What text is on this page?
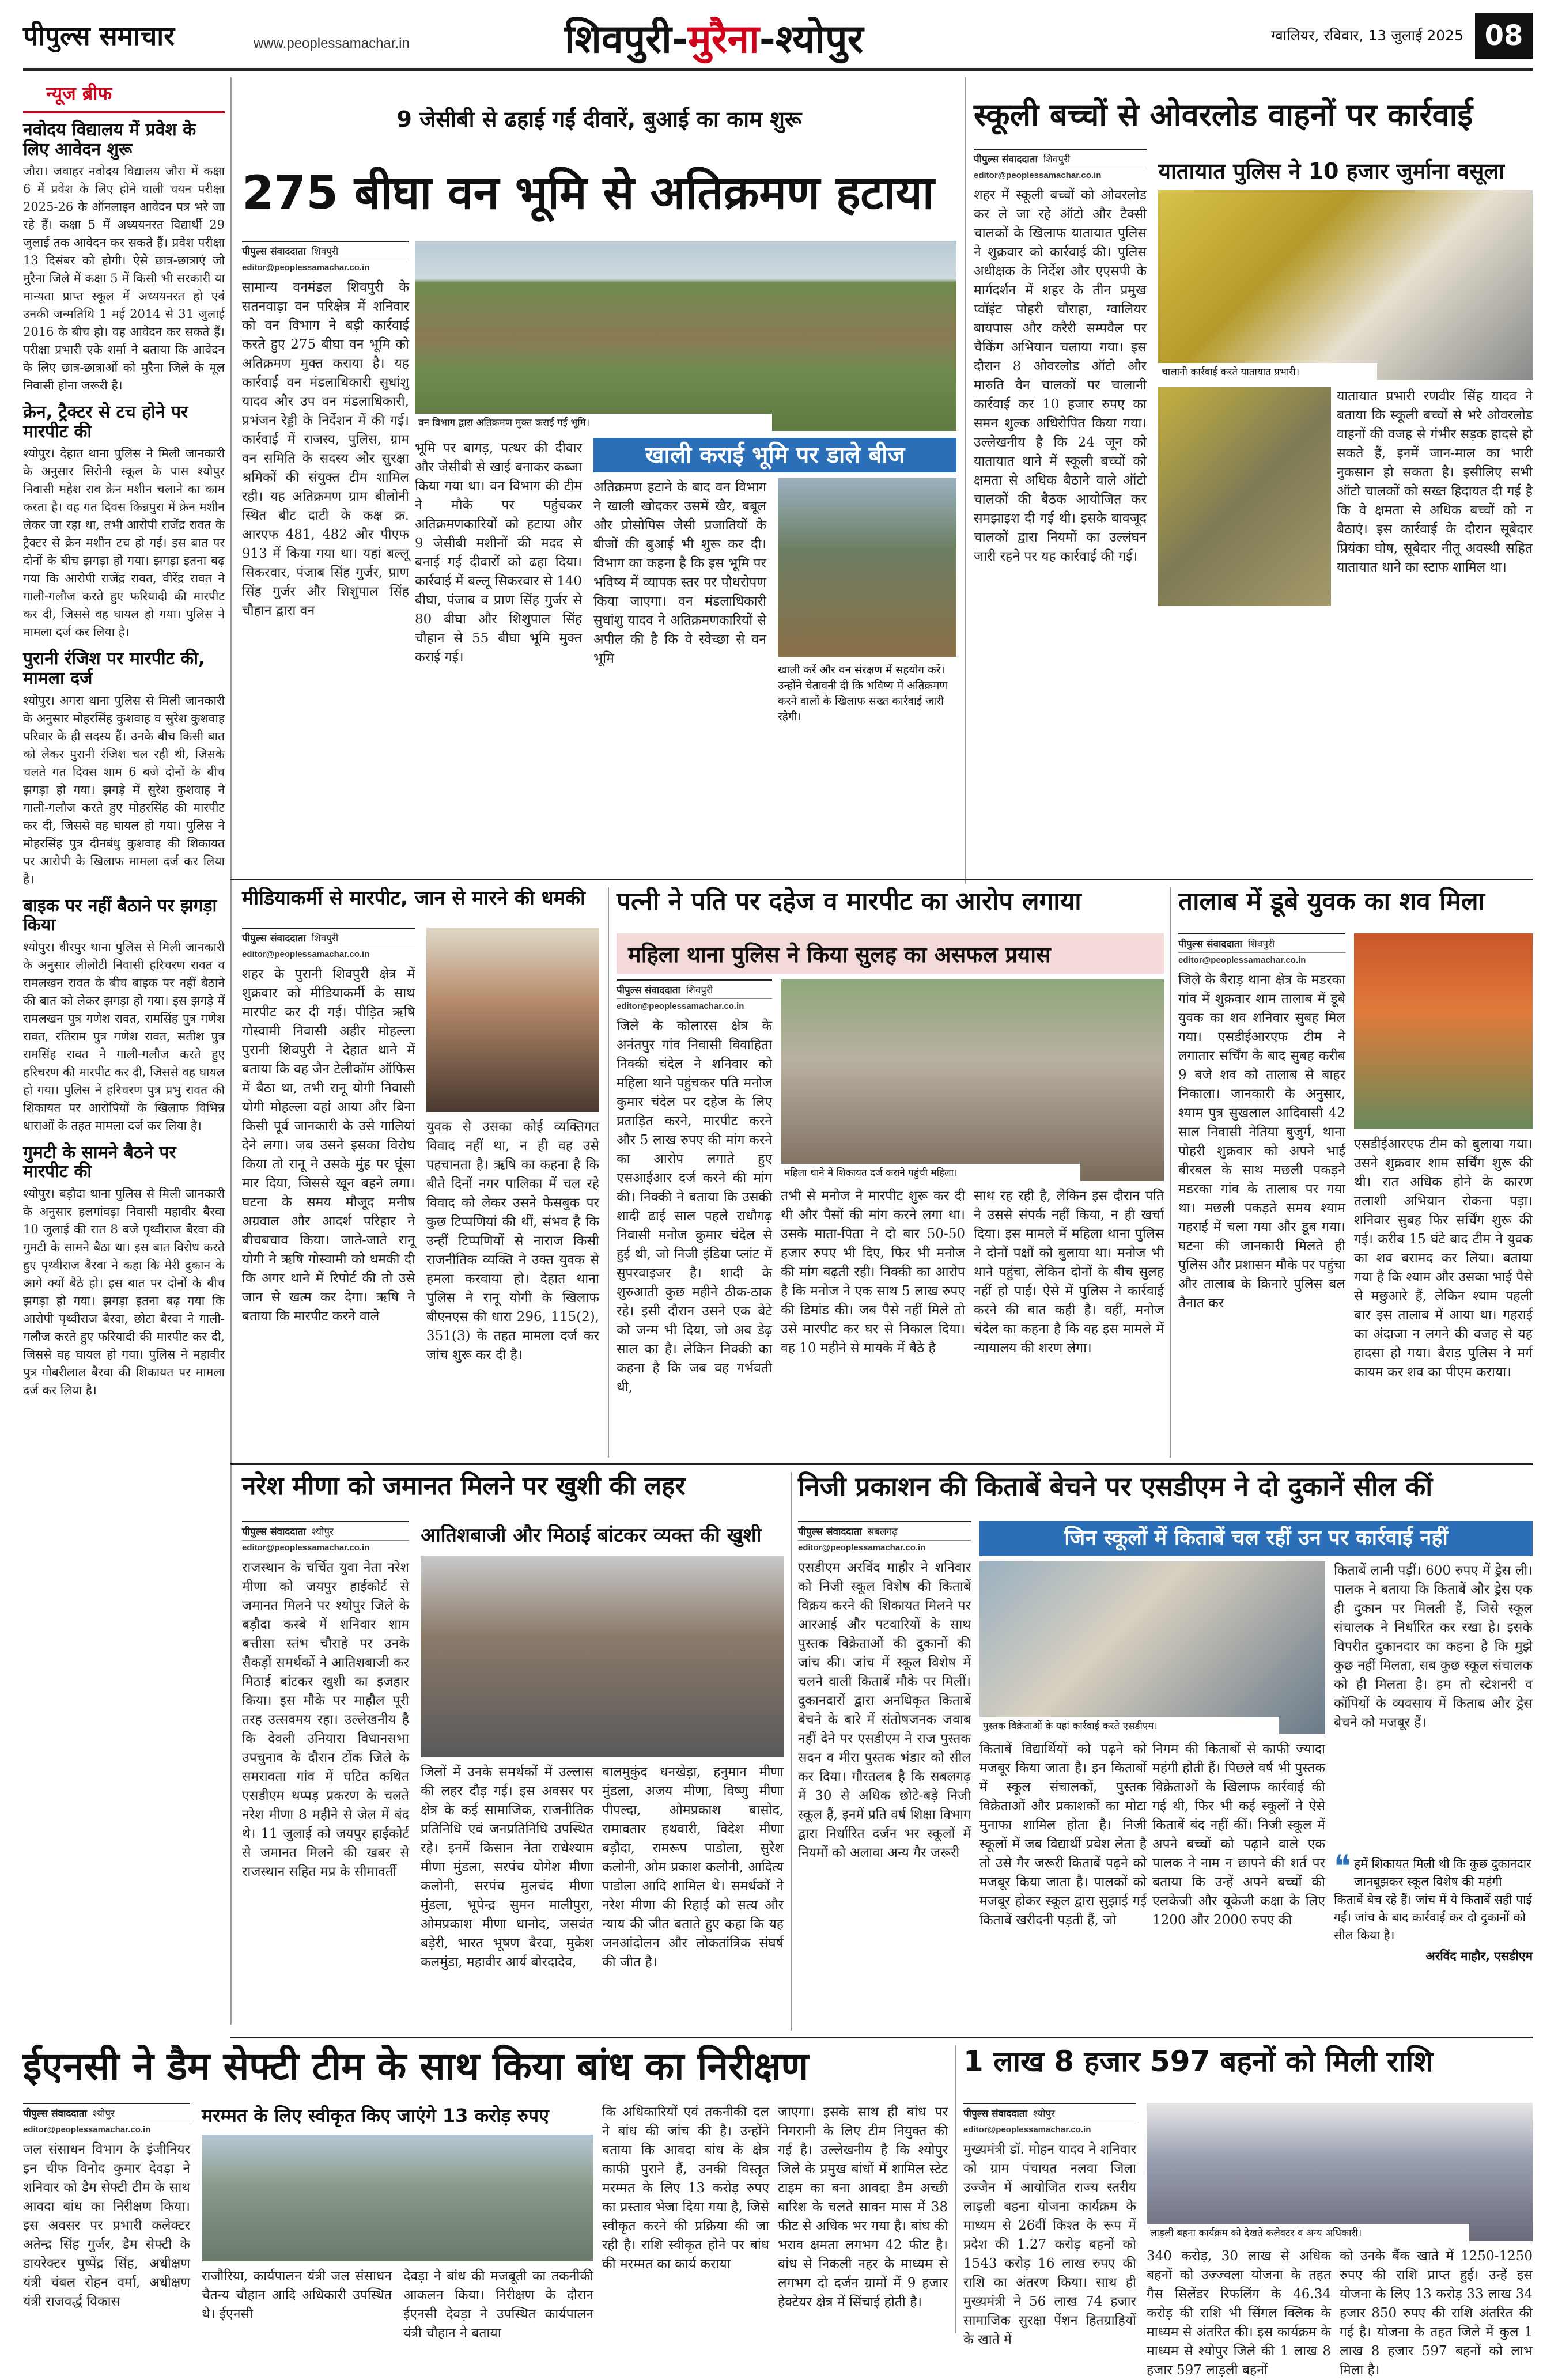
पीपुल्स समाचार	www.peoplessamachar.in	शिवपुरी-मुरैना-श्योपुर	ग्वालियर, रविवार, 13 जुलाई 2025 08
न्यूज ब्रीफ
नवोदय विद्यालय में प्रवेश के लिए आवेदन शुरू
जौरा। जवाहर नवोदय विद्यालय जौरा में कक्षा 6 में प्रवेश के लिए होने वाली चयन परीक्षा 2025-26 के ऑनलाइन आवेदन पत्र भरे जा रहे हैं। कक्षा 5 में अध्ययनरत विद्यार्थी 29 जुलाई तक आवेदन कर सकते हैं। प्रवेश परीक्षा 13 दिसंबर को होगी। ऐसे छात्र-छात्राएं जो मुरैना जिले में कक्षा 5 में किसी भी सरकारी या मान्यता प्राप्त स्कूल में अध्ययनरत हो एवं उनकी जन्मतिथि 1 मई 2014 से 31 जुलाई 2016 के बीच हो। वह आवेदन कर सकते हैं। परीक्षा प्रभारी एके शर्मा ने बताया कि आवेदन के लिए छात्र-छात्राओं को मुरैना जिले के मूल निवासी होना जरूरी है।
क्रेन, ट्रैक्टर से टच होने पर मारपीट की
श्योपुर। देहात थाना पुलिस ने मिली जानकारी के अनुसार सिरोनी स्कूल के पास श्योपुर निवासी महेश राव क्रेन मशीन चलाने का काम करता है। वह गत दिवस किन्नपुरा में क्रेन मशीन लेकर जा रहा था, तभी आरोपी राजेंद्र रावत के ट्रैक्टर से क्रेन मशीन टच हो गई। इस बात पर दोनों के बीच झगड़ा हो गया। झगड़ा इतना बढ़ गया कि आरोपी राजेंद्र रावत, वीरेंद्र रावत ने गाली-गलौज करते हुए फरियादी की मारपीट कर दी, जिससे वह घायल हो गया। पुलिस ने मामला दर्ज कर लिया है।
पुरानी रंजिश पर मारपीट की, मामला दर्ज
श्योपुर। अगरा थाना पुलिस से मिली जानकारी के अनुसार मोहरसिंह कुशवाह व सुरेश कुशवाह परिवार के ही सदस्य हैं। उनके बीच किसी बात को लेकर पुरानी रंजिश चल रही थी, जिसके चलते गत दिवस शाम 6 बजे दोनों के बीच झगड़ा हो गया। झगड़े में सुरेश कुशवाह ने गाली-गलौज करते हुए मोहरसिंह की मारपीट कर दी, जिससे वह घायल हो गया। पुलिस ने मोहरसिंह पुत्र दीनबंधु कुशवाह की शिकायत पर आरोपी के खिलाफ मामला दर्ज कर लिया है।
बाइक पर नहीं बैठाने पर झगड़ा किया
श्योपुर। वीरपुर थाना पुलिस से मिली जानकारी के अनुसार लीलोटी निवासी हरिचरण रावत व रामलखन रावत के बीच बाइक पर नहीं बैठाने की बात को लेकर झगड़ा हो गया। इस झगड़े में रामलखन पुत्र गणेश रावत, रामसिंह पुत्र गणेश रावत, रतिराम पुत्र गणेश रावत, सतीश पुत्र रामसिंह रावत ने गाली-गलौज करते हुए हरिचरण की मारपीट कर दी, जिससे वह घायल हो गया। पुलिस ने हरिचरण पुत्र प्रभु रावत की शिकायत पर आरोपियों के खिलाफ विभिन्न धाराओं के तहत मामला दर्ज कर लिया है।
गुमटी के सामने बैठने पर मारपीट की
श्योपुर। बड़ौदा थाना पुलिस से मिली जानकारी के अनुसार हलगांवड़ा निवासी महावीर बैरवा 10 जुलाई की रात 8 बजे पृथ्वीराज बैरवा की गुमटी के सामने बैठा था। इस बात विरोध करते हुए पृथ्वीराज बैरवा ने कहा कि मेरी दुकान के आगे क्यों बैठे हो। इस बात पर दोनों के बीच झगड़ा हो गया। झगड़ा इतना बढ़ गया कि आरोपी पृथ्वीराज बैरवा, छोटा बैरवा ने गाली-गलौज करते हुए फरियादी की मारपीट कर दी, जिससे वह घायल हो गया। पुलिस ने महावीर पुत्र गोबरीलाल बैरवा की शिकायत पर मामला दर्ज कर लिया है।
9 जेसीबी से ढहाई गईं दीवारें, बुआई का काम शुरू
275 बीघा वन भूमि से अतिक्रमण हटाया
पीपुल्स संवाददाता शिवपुरी
editor@peoplessamachar.co.in
सामान्य वनमंडल शिवपुरी के सतनवाड़ा वन परिक्षेत्र में शनिवार को वन विभाग ने बड़ी कार्रवाई करते हुए 275 बीघा वन भूमि को अतिक्रमण मुक्त कराया है। यह कार्रवाई वन मंडलाधिकारी सुधांशु यादव और उप वन मंडलाधिकारी, प्रभंजन रेड्डी के निर्देशन में की गई। कार्रवाई में राजस्व, पुलिस, ग्राम वन समिति के सदस्य और सुरक्षा श्रमिकों की संयुक्त टीम शामिल रही। यह अतिक्रमण ग्राम बीलोनी स्थित बीट दाटी के कक्ष क्र. आरएफ 481, 482 और पीएफ 913 में किया गया था। यहां बल्लू सिकरवार, पंजाब सिंह गुर्जर, प्राण सिंह गुर्जर और शिशुपाल सिंह चौहान द्वारा वन
वन विभाग द्वारा अतिक्रमण मुक्त कराई गई भूमि।
भूमि पर बागड़, पत्थर की दीवार और जेसीबी से खाई बनाकर कब्जा किया गया था। वन विभाग की टीम ने मौके पर पहुंचकर अतिक्रमणकारियों को हटाया और 9 जेसीबी मशीनों की मदद से बनाई गई दीवारों को ढहा दिया। कार्रवाई में बल्लू सिकरवार से 140 बीघा, पंजाब व प्राण सिंह गुर्जर से 80 बीघा और शिशुपाल सिंह चौहान से 55 बीघा भूमि मुक्त कराई गई।
खाली कराई भूमि पर डाले बीज
अतिक्रमण हटाने के बाद वन विभाग ने खाली खोदकर उसमें खैर, बबूल और प्रोसोपिस जैसी प्रजातियों के बीजों की बुआई भी शुरू कर दी। विभाग का कहना है कि इस भूमि पर भविष्य में व्यापक स्तर पर पौधरोपण किया जाएगा। वन मंडलाधिकारी सुधांशु यादव ने अतिक्रमणकारियों से अपील की है कि वे स्वेच्छा से वन भूमि
खाली करें और वन संरक्षण में सहयोग करें। उन्होंने चेतावनी दी कि भविष्य में अतिक्रमण करने वालों के खिलाफ सख्त कार्रवाई जारी रहेगी।
स्कूली बच्चों से ओवरलोड वाहनों पर कार्रवाई
पीपुल्स संवाददाता शिवपुरी
editor@peoplessamachar.co.in
शहर में स्कूली बच्चों को ओवरलोड कर ले जा रहे ऑटो और टैक्सी चालकों के खिलाफ यातायात पुलिस ने शुक्रवार को कार्रवाई की। पुलिस अधीक्षक के निर्देश और एएसपी के मार्गदर्शन में शहर के तीन प्रमुख प्वॉइंट पोहरी चौराहा, ग्वालियर बायपास और करैरी सम्पवैल पर चैकिंग अभियान चलाया गया। इस दौरान 8 ओवरलोड ऑटो और मारुति वैन चालकों पर चालानी कार्रवाई कर 10 हजार रुपए का समन शुल्क अधिरोपित किया गया। उल्लेखनीय है कि 24 जून को यातायात थाने में स्कूली बच्चों को क्षमता से अधिक बैठाने वाले ऑटो चालकों की बैठक आयोजित कर समझाइश दी गई थी। इसके बावजूद चालकों द्वारा नियमों का उल्लंघन जारी रहने पर यह कार्रवाई की गई।
यातायात पुलिस ने 10 हजार जुर्माना वसूला
चालानी कार्रवाई करते यातायात प्रभारी।
यातायात प्रभारी रणवीर सिंह यादव ने बताया कि स्कूली बच्चों से भरे ओवरलोड वाहनों की वजह से गंभीर सड़क हादसे हो सकते हैं, इनमें जान-माल का भारी नुकसान हो सकता है। इसीलिए सभी ऑटो चालकों को सख्त हिदायत दी गई है कि वे क्षमता से अधिक बच्चों को न बैठाएं। इस कार्रवाई के दौरान सूबेदार प्रियंका घोष, सूबेदार नीतू अवस्थी सहित यातायात थाने का स्टाफ शामिल था।
मीडियाकर्मी से मारपीट, जान से मारने की धमकी
पीपुल्स संवाददाता शिवपुरी
editor@peoplessamachar.co.in
शहर के पुरानी शिवपुरी क्षेत्र में शुक्रवार को मीडियाकर्मी के साथ मारपीट कर दी गई। पीड़ित ऋषि गोस्वामी निवासी अहीर मोहल्ला पुरानी शिवपुरी ने देहात थाने में बताया कि वह जैन टेलीकॉम ऑफिस में बैठा था, तभी रानू योगी निवासी योगी मोहल्ला वहां आया और बिना किसी पूर्व जानकारी के उसे गालियां देने लगा। जब उसने इसका विरोध किया तो रानू ने उसके मुंह पर घूंसा मार दिया, जिससे खून बहने लगा। घटना के समय मौजूद मनीष अग्रवाल और आदर्श परिहार ने बीचबचाव किया। जाते-जाते रानू योगी ने ऋषि गोस्वामी को धमकी दी कि अगर थाने में रिपोर्ट की तो उसे जान से खत्म कर देगा। ऋषि ने बताया कि मारपीट करने वाले
युवक से उसका कोई व्यक्तिगत विवाद नहीं था, न ही वह उसे पहचानता है। ऋषि का कहना है कि बीते दिनों नगर पालिका में चल रहे विवाद को लेकर उसने फेसबुक पर कुछ टिप्पणियां की थीं, संभव है कि उन्हीं टिप्पणियों से नाराज किसी राजनीतिक व्यक्ति ने उक्त युवक से हमला करवाया हो। देहात थाना पुलिस ने रानू योगी के खिलाफ बीएनएस की धारा 296, 115(2), 351(3) के तहत मामला दर्ज कर जांच शुरू कर दी है।
पत्नी ने पति पर दहेज व मारपीट का आरोप लगाया
महिला थाना पुलिस ने किया सुलह का असफल प्रयास
पीपुल्स संवाददाता शिवपुरी
editor@peoplessamachar.co.in
जिले के कोलारस क्षेत्र के अनंतपुर गांव निवासी विवाहिता निक्की चंदेल ने शनिवार को महिला थाने पहुंचकर पति मनोज कुमार चंदेल पर दहेज के लिए प्रताड़ित करने, मारपीट करने और 5 लाख रुपए की मांग करने का आरोप लगाते हुए एसआईआर दर्ज करने की मांग की। निक्की ने बताया कि उसकी शादी ढाई साल पहले राधौगढ़ निवासी मनोज कुमार चंदेल से हुई थी, जो निजी इंडिया प्लांट में सुपरवाइजर है। शादी के शुरुआती कुछ महीने ठीक-ठाक रहे। इसी दौरान उसने एक बेटे को जन्म भी दिया, जो अब डेढ़ साल का है। लेकिन निक्की का कहना है कि जब वह गर्भवती थी,
महिला थाने में शिकायत दर्ज कराने पहुंची महिला।
तभी से मनोज ने मारपीट शुरू कर दी थी और पैसों की मांग करने लगा था। उसके माता-पिता ने दो बार 50-50 हजार रुपए भी दिए, फिर भी मनोज की मांग बढ़ती रही। निक्की का आरोप है कि मनोज ने एक साथ 5 लाख रुपए की डिमांड की। जब पैसे नहीं मिले तो उसे मारपीट कर घर से निकाल दिया। वह 10 महीने से मायके में बैठे है
साथ रह रही है, लेकिन इस दौरान पति ने उससे संपर्क नहीं किया, न ही खर्चा दिया। इस मामले में महिला थाना पुलिस ने दोनों पक्षों को बुलाया था। मनोज भी थाने पहुंचा, लेकिन दोनों के बीच सुलह नहीं हो पाई। ऐसे में पुलिस ने कार्रवाई करने की बात कही है। वहीं, मनोज चंदेल का कहना है कि वह इस मामले में न्यायालय की शरण लेगा।
तालाब में डूबे युवक का शव मिला
पीपुल्स संवाददाता शिवपुरी
editor@peoplessamachar.co.in
जिले के बैराड़ थाना क्षेत्र के मडरका गांव में शुक्रवार शाम तालाब में डूबे युवक का शव शनिवार सुबह मिल गया। एसडीईआरएफ टीम ने लगातार सर्चिंग के बाद सुबह करीब 9 बजे शव को तालाब से बाहर निकाला। जानकारी के अनुसार, श्याम पुत्र सुखलाल आदिवासी 42 साल निवासी नेतिया बुजुर्ग, थाना पोहरी शुक्रवार को अपने भाई बीरबल के साथ मछली पकड़ने मडरका गांव के तालाब पर गया था। मछली पकड़ते समय श्याम गहराई में चला गया और डूब गया। घटना की जानकारी मिलते ही पुलिस और प्रशासन मौके पर पहुंचा और तालाब के किनारे पुलिस बल तैनात कर
एसडीईआरएफ टीम को बुलाया गया। उसने शुक्रवार शाम सर्चिंग शुरू की थी। रात अधिक होने के कारण तलाशी अभियान रोकना पड़ा। शनिवार सुबह फिर सर्चिंग शुरू की गई। करीब 15 घंटे बाद टीम ने युवक का शव बरामद कर लिया। बताया गया है कि श्याम और उसका भाई पैसे से मछुआरे हैं, लेकिन श्याम पहली बार इस तालाब में आया था। गहराई का अंदाजा न लगने की वजह से यह हादसा हो गया। बैराड़ पुलिस ने मर्ग कायम कर शव का पीएम कराया।
नरेश मीणा को जमानत मिलने पर खुशी की लहर
पीपुल्स संवाददाता श्योपुर
editor@peoplessamachar.co.in
राजस्थान के चर्चित युवा नेता नरेश मीणा को जयपुर हाईकोर्ट से जमानत मिलने पर श्योपुर जिले के बड़ौदा कस्बे में शनिवार शाम बत्तीसा स्तंभ चौराहे पर उनके सैकड़ों समर्थकों ने आतिशबाजी कर मिठाई बांटकर खुशी का इजहार किया। इस मौके पर माहौल पूरी तरह उत्सवमय रहा। उल्लेखनीय है कि देवली उनियारा विधानसभा उपचुनाव के दौरान टोंक जिले के समरावता गांव में घटित कथित एसडीएम थप्पड़ प्रकरण के चलते नरेश मीणा 8 महीने से जेल में बंद थे। 11 जुलाई को जयपुर हाईकोर्ट से जमानत मिलने की खबर से राजस्थान सहित मप्र के सीमावर्ती
आतिशबाजी और मिठाई बांटकर व्यक्त की खुशी
जिलों में उनके समर्थकों में उल्लास की लहर दौड़ गई। इस अवसर पर क्षेत्र के कई सामाजिक, राजनीतिक प्रतिनिधि एवं जनप्रतिनिधि उपस्थित रहे। इनमें किसान नेता राधेश्याम मीणा मुंडला, सरपंच योगेश मीणा कलोनी, सरपंच मुलचंद मीणा मुंडला, भूपेन्द्र सुमन मालीपुरा, ओमप्रकाश मीणा धानोद, जसवंत बड़ेरी, भारत भूषण बैरवा, मुकेश कलमुंडा, महावीर आर्य बोरदादेव,
बालमुकुंद धनखेड़ा, हनुमान मीणा मुंडला, अजय मीणा, विष्णु मीणा पीपल्दा, ओमप्रकाश बासोद, रामावतार हथवारी, विदेश मीणा बड़ौदा, रामरूप पाडोला, सुरेश कलोनी, ओम प्रकाश कलोनी, आदित्य पाडोला आदि शामिल थे। समर्थकों ने नरेश मीणा की रिहाई को सत्य और न्याय की जीत बताते हुए कहा कि यह जनआंदोलन और लोकतांत्रिक संघर्ष की जीत है।
निजी प्रकाशन की किताबें बेचने पर एसडीएम ने दो दुकानें सील कीं
पीपुल्स संवाददाता सबलगढ़
editor@peoplessamachar.co.in
एसडीएम अरविंद माहौर ने शनिवार को निजी स्कूल विशेष की किताबें विक्रय करने की शिकायत मिलने पर आरआई और पटवारियों के साथ पुस्तक विक्रेताओं की दुकानों की जांच की। जांच में स्कूल विशेष में चलने वाली किताबें मौके पर मिलीं। दुकानदारों द्वारा अनधिकृत किताबें बेचने के बारे में संतोषजनक जवाब नहीं देने पर एसडीएम ने राज पुस्तक सदन व मीरा पुस्तक भंडार को सील कर दिया। गौरतलब है कि सबलगढ़ में 30 से अधिक छोटे-बड़े निजी स्कूल हैं, इनमें प्रति वर्ष शिक्षा विभाग द्वारा निर्धारित दर्जन भर स्कूलों में नियमों को अलावा अन्य गैर जरूरी
जिन स्कूलों में किताबें चल रहीं उन पर कार्रवाई नहीं
पुस्तक विक्रेताओं के यहां कार्रवाई करते एसडीएम।
किताबें विद्यार्थियों को पढ़ने को मजबूर किया जाता है। इन किताबों में स्कूल संचालकों, पुस्तक विक्रेताओं और प्रकाशकों का मोटा मुनाफा शामिल होता है। निजी स्कूलों में जब विद्यार्थी प्रवेश लेता है तो उसे गैर जरूरी किताबें पढ़ने को मजबूर किया जाता है। पालकों को मजबूर होकर स्कूल द्वारा सुझाई गई किताबें खरीदनी पड़ती हैं, जो
निगम की किताबों से काफी ज्यादा महंगी होती हैं। पिछले वर्ष भी पुस्तक विक्रेताओं के खिलाफ कार्रवाई की गई थी, फिर भी कई स्कूलों ने ऐसे किताबें बंद नहीं कीं। निजी स्कूल में अपने बच्चों को पढ़ाने वाले एक पालक ने नाम न छापने की शर्त पर बताया कि उन्हें अपने बच्चों की एलकेजी और यूकेजी कक्षा के लिए 1200 और 2000 रुपए की
किताबें लानी पड़ीं। 600 रुपए में ड्रेस ली। पालक ने बताया कि किताबें और ड्रेस एक ही दुकान पर मिलती हैं, जिसे स्कूल संचालक ने निर्धारित कर रखा है। इसके विपरीत दुकानदार का कहना है कि मुझे कुछ नहीं मिलता, सब कुछ स्कूल संचालक को ही मिलता है। हम तो स्टेशनरी व कॉपियों के व्यवसाय में किताब और ड्रेस बेचने को मजबूर हैं।
❝ हमें शिकायत मिली थी कि कुछ दुकानदार जानबूझकर स्कूल विशेष की महंगी किताबें बेच रहे हैं। जांच में ये किताबें सही पाई गईं। जांच के बाद कार्रवाई कर दो दुकानों को सील किया है।
अरविंद माहौर, एसडीएम
ईएनसी ने डैम सेफ्टी टीम के साथ किया बांध का निरीक्षण
पीपुल्स संवाददाता श्योपुर
editor@peoplessamachar.co.in
जल संसाधन विभाग के इंजीनियर इन चीफ विनोद कुमार देवड़ा ने शनिवार को डैम सेफ्टी टीम के साथ आवदा बांध का निरीक्षण किया। इस अवसर पर प्रभारी कलेक्टर अतेन्द्र सिंह गुर्जर, डैम सेफ्टी के डायरेक्टर पुष्पेंद्र सिंह, अधीक्षण यंत्री चंबल रोहन वर्मा, अधीक्षण यंत्री राजवर्द्ध विकास
मरम्मत के लिए स्वीकृत किए जाएंगे 13 करोड़ रुपए
राजौरिया, कार्यपालन यंत्री जल संसाधन चैतन्य चौहान आदि अधिकारी उपस्थित थे। ईएनसी
देवड़ा ने बांध की मजबूती का तकनीकी आकलन किया। निरीक्षण के दौरान ईएनसी देवड़ा ने उपस्थित कार्यपालन यंत्री चौहान ने बताया
कि अधिकारियों एवं तकनीकी दल ने बांध की जांच की है। उन्होंने बताया कि आवदा बांध के क्षेत्र काफी पुराने हैं, उनकी विस्तृत मरम्मत के लिए 13 करोड़ रुपए का प्रस्ताव भेजा दिया गया है, जिसे स्वीकृत करने की प्रक्रिया की जा रही है। राशि स्वीकृत होने पर बांध की मरम्मत का कार्य कराया
जाएगा। इसके साथ ही बांध पर निगरानी के लिए टीम नियुक्त की गई है। उल्लेखनीय है कि श्योपुर जिले के प्रमुख बांधों में शामिल स्टेट टाइम का बना आवदा डैम अच्छी बारिश के चलते सावन मास में 38 फीट से अधिक भर गया है। बांध की भराव क्षमता लगभग 42 फीट है। बांध से निकली नहर के माध्यम से लगभग दो दर्जन ग्रामों में 9 हजार हेक्टेयर क्षेत्र में सिंचाई होती है।
1 लाख 8 हजार 597 बहनों को मिली राशि
पीपुल्स संवाददाता श्योपुर
editor@peoplessamachar.co.in
मुख्यमंत्री डॉ. मोहन यादव ने शनिवार को ग्राम पंचायत नलवा जिला उज्जैन में आयोजित राज्य स्तरीय लाड़ली बहना योजना कार्यक्रम के माध्यम से 26वीं किश्त के रूप में प्रदेश की 1.27 करोड़ बहनों को 1543 करोड़ 16 लाख रुपए की राशि का अंतरण किया। साथ ही मुख्यमंत्री ने 56 लाख 74 हजार सामाजिक सुरक्षा पेंशन हितग्राहियों के खाते में
लाड़ली बहना कार्यक्रम को देखते कलेक्टर व अन्य अधिकारी।
340 करोड़, 30 लाख से अधिक बहनों को उज्ज्वला योजना के तहत गैस सिलेंडर रिफलिंग के 46.34 करोड़ की राशि भी सिंगल क्लिक के माध्यम से अंतरित की। इस कार्यक्रम के माध्यम से श्योपुर जिले की 1 लाख 8 हजार 597 लाड़ली बहनों
को उनके बैंक खाते में 1250-1250 रुपए की राशि प्राप्त हुई। उन्हें इस योजना के लिए 13 करोड़ 33 लाख 34 हजार 850 रुपए की राशि अंतरित की गई है। योजना के तहत जिले में कुल 1 लाख 8 हजार 597 बहनों को लाभ मिला है।
